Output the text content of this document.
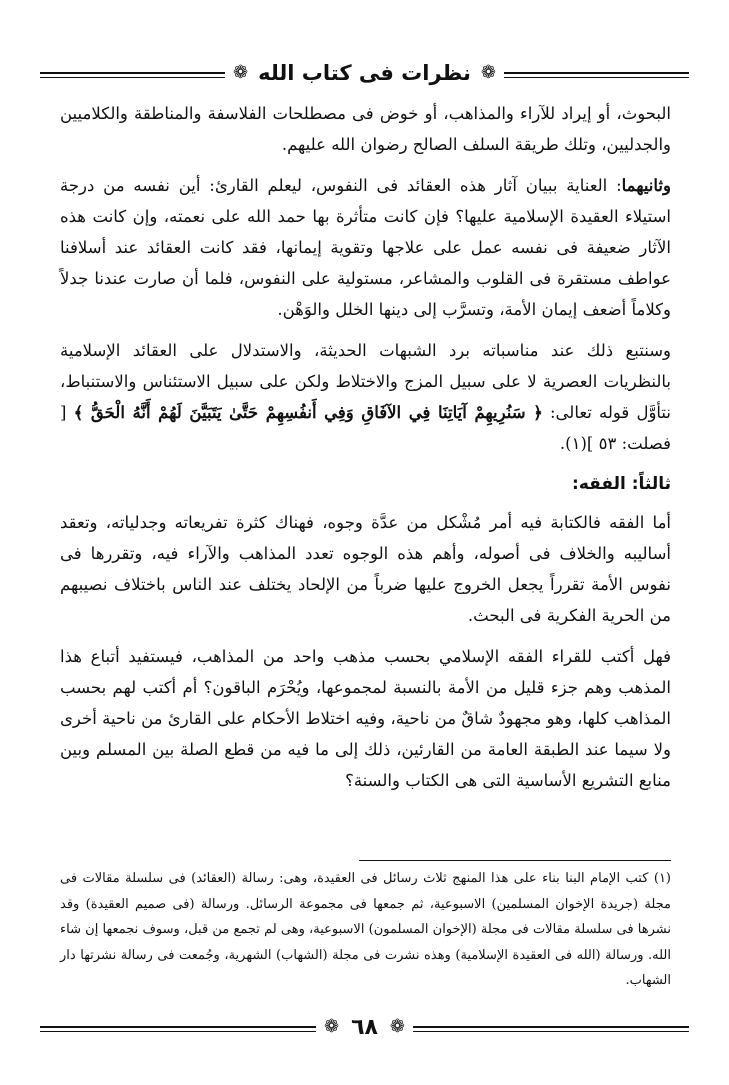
❁
نظرات فى كتاب الله
❁

البحوث، أو إيراد للآراء والمذاهب، أو خوض فى مصطلحات الفلاسفة والمناطقة والكلاميين والجدليين، وتلك طريقة السلف الصالح رضوان الله عليهم.

وثانيهما: العناية ببيان آثار هذه العقائد فى النفوس، ليعلم القارئ: أين نفسه من درجة استيلاء العقيدة الإسلامية عليها؟ فإن كانت متأثرة بها حمد الله على نعمته، وإن كانت هذه الآثار ضعيفة فى نفسه عمل على علاجها وتقوية إيمانها، فقد كانت العقائد عند أسلافنا عواطف مستقرة فى القلوب والمشاعر، مستولية على النفوس، فلما أن صارت عندنا جدلاً وكلاماً أضعف إيمان الأمة، وتسرَّب إلى دينها الخلل والوَهْن.

وسنتبع ذلك عند مناسباته برد الشبهات الحديثة، والاستدلال على العقائد الإسلامية بالنظريات العصرية لا على سبيل المزج والاختلاط ولكن على سبيل الاستئناس والاستنباط، نتأوَّل قوله تعالى: ﴿ سَنُرِيهِمْ آيَاتِنَا فِي الآفَاقِ وَفِي أَنفُسِهِمْ حَتَّىٰ يَتَبَيَّنَ لَهُمْ أَنَّهُ الْحَقُّ ﴾ [ فصلت: ٥٣ ](١).

ثالثاً: الفقه:

أما الفقه فالكتابة فيه أمر مُشْكل من عدَّة وجوه، فهناك كثرة تفريعاته وجدلياته، وتعقد أساليبه والخلاف فى أصوله، وأهم هذه الوجوه تعدد المذاهب والآراء فيه، وتقررها فى نفوس الأمة تقرراً يجعل الخروج عليها ضرباً من الإلحاد يختلف عند الناس باختلاف نصيبهم من الحرية الفكرية فى البحث.

فهل أكتب للقراء الفقه الإسلامي بحسب مذهب واحد من المذاهب، فيستفيد أتباع هذا المذهب وهم جزء قليل من الأمة بالنسبة لمجموعها، ويُحْرَم الباقون؟ أم أكتب لهم بحسب المذاهب كلها، وهو مجهودٌ شاقٌ من ناحية، وفيه اختلاط الأحكام على القارئ من ناحية أخرى ولا سيما عند الطبقة العامة من القارئين، ذلك إلى ما فيه من قطع الصلة بين المسلم وبين منابع التشريع الأساسية التى هى الكتاب والسنة؟

(١) كتب الإمام البنا بناء على هذا المنهج ثلاث رسائل فى العقيدة، وهى: رسالة (العقائد) فى سلسلة مقالات فى مجلة (جريدة الإخوان المسلمين) الاسبوعية، ثم جمعها فى مجموعة الرسائل. ورسالة (فى صميم العقيدة) وقد نشرها فى سلسلة مقالات فى مجلة (الإخوان المسلمون) الاسبوعية، وهى لم تجمع من قبل، وسوف نجمعها إن شاء الله. ورسالة (الله فى العقيدة الإسلامية) وهذه نشرت فى مجلة (الشهاب) الشهرية، وجُمعت فى رسالة نشرتها دار الشهاب.
❁
٦٨
❁
